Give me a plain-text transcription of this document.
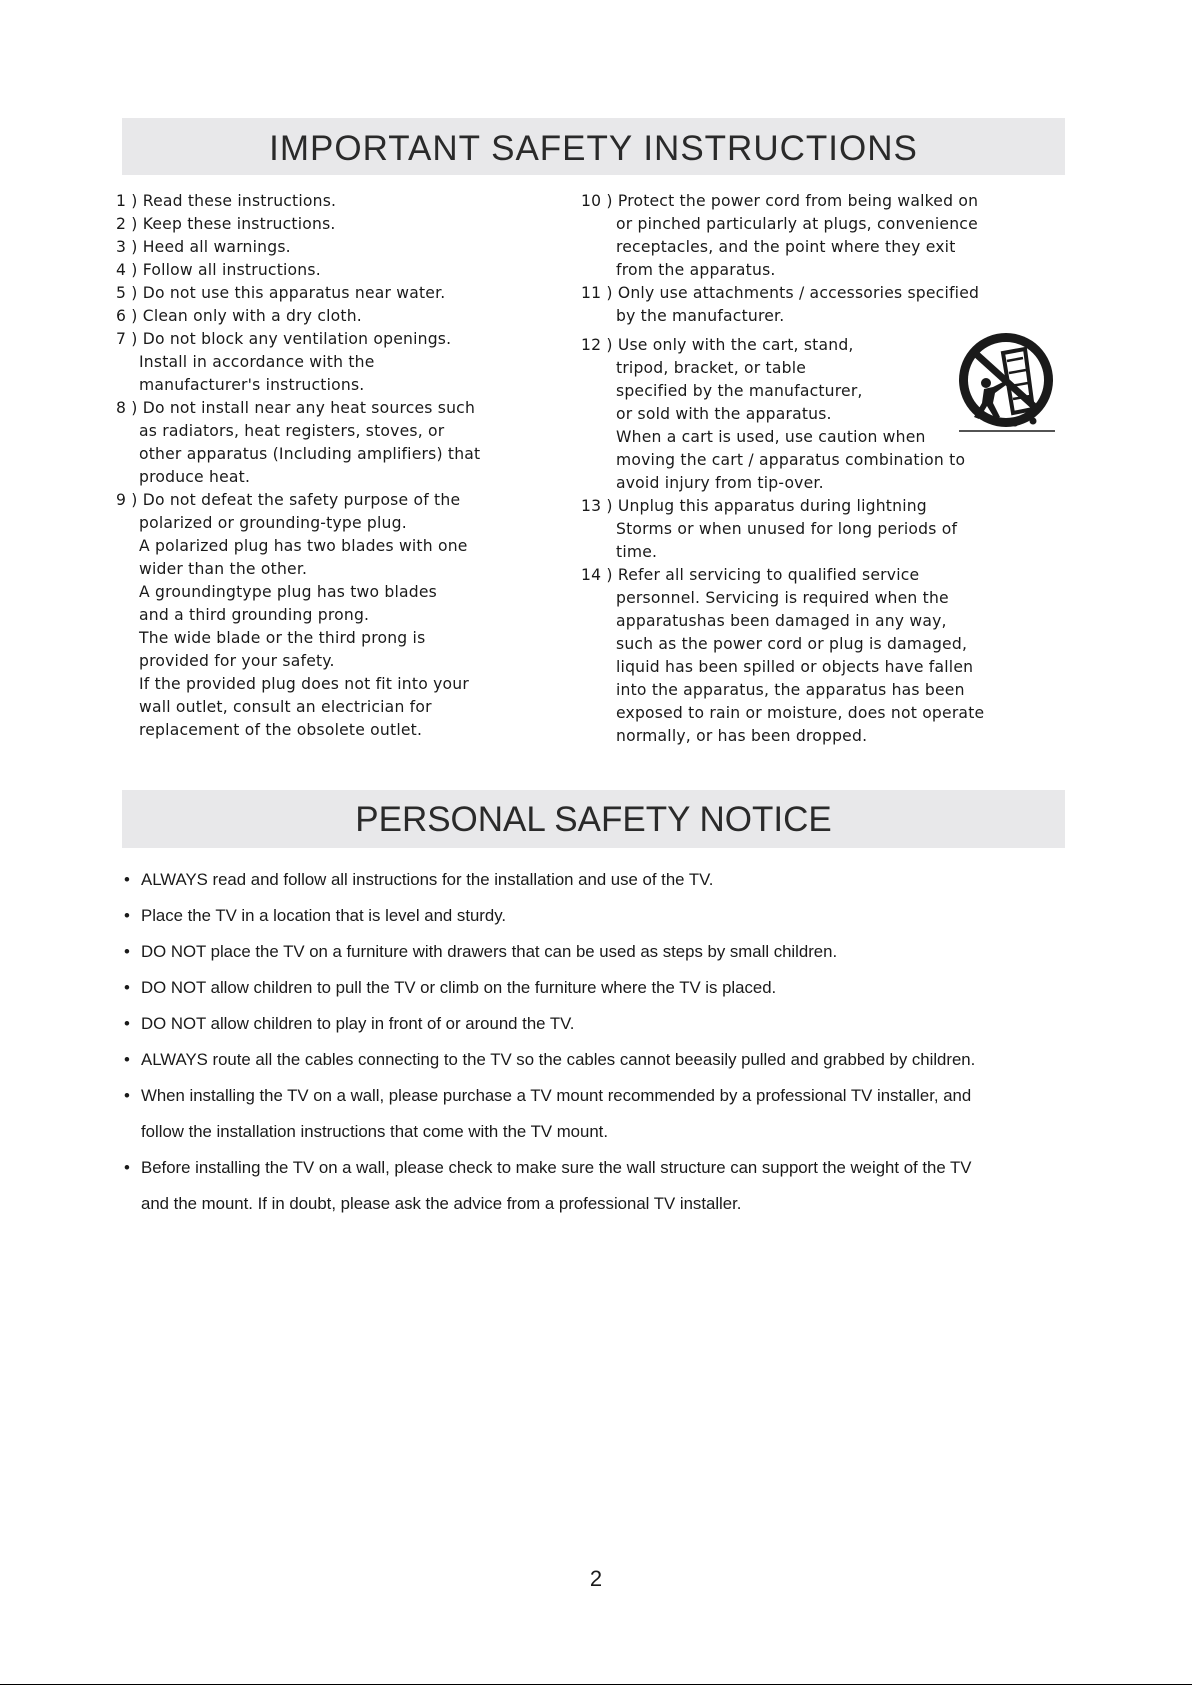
IMPORTANT SAFETY INSTRUCTIONS
1 ) Read these instructions.
2 ) Keep these instructions.
3 ) Heed all warnings.
4 ) Follow all instructions.
5 ) Do not use this apparatus near water.
6 ) Clean only with a dry cloth.
7 ) Do not block any ventilation openings.
Install in accordance with the
manufacturer's instructions.
8 ) Do not install near any heat sources such
as radiators, heat registers, stoves, or
other apparatus (Including amplifiers) that
produce heat.
9 ) Do not defeat the safety purpose of the
polarized or grounding-type plug.
A polarized plug has two blades with one
wider than the other.
A groundingtype plug has two blades
and a third grounding prong.
The wide blade or the third prong is
provided for your safety.
If the provided plug does not fit into your
wall outlet, consult an electrician for
replacement of the obsolete outlet.
10 ) Protect the power cord from being walked on
or pinched particularly at plugs, convenience
receptacles, and the point where they exit
from the apparatus.
11 ) Only use attachments / accessories specified
by the manufacturer.
12 ) Use only with the cart, stand,
tripod, bracket, or table
specified by the manufacturer,
or sold with the apparatus.
When a cart is used, use caution when
moving the cart / apparatus combination to
avoid injury from tip-over.
13 ) Unplug this apparatus during lightning
Storms or when unused for long periods of
time.
14 ) Refer all servicing to qualified service
personnel. Servicing is required when the
apparatushas been damaged in any way,
such as the power cord or plug is damaged,
liquid has been spilled or objects have fallen
into the apparatus, the apparatus has been
exposed to rain or moisture, does not operate
normally, or has been dropped.
PERSONAL SAFETY NOTICE
• ALWAYS read and follow all instructions for the installation and use of the TV.
• Place the TV in a location that is level and sturdy.
• DO NOT place the TV on a furniture with drawers that can be used as steps by small children.
• DO NOT allow children to pull the TV or climb on the furniture where the TV is placed.
• DO NOT allow children to play in front of or around the TV.
• ALWAYS route all the cables connecting to the TV so the cables cannot beeasily pulled and grabbed by children.
• When installing the TV on a wall, please purchase a TV mount recommended by a professional TV installer, and
follow the installation instructions that come with the TV mount.
• Before installing the TV on a wall, please check to make sure the wall structure can support the weight of the TV
and the mount. If in doubt, please ask the advice from a professional TV installer.
2
